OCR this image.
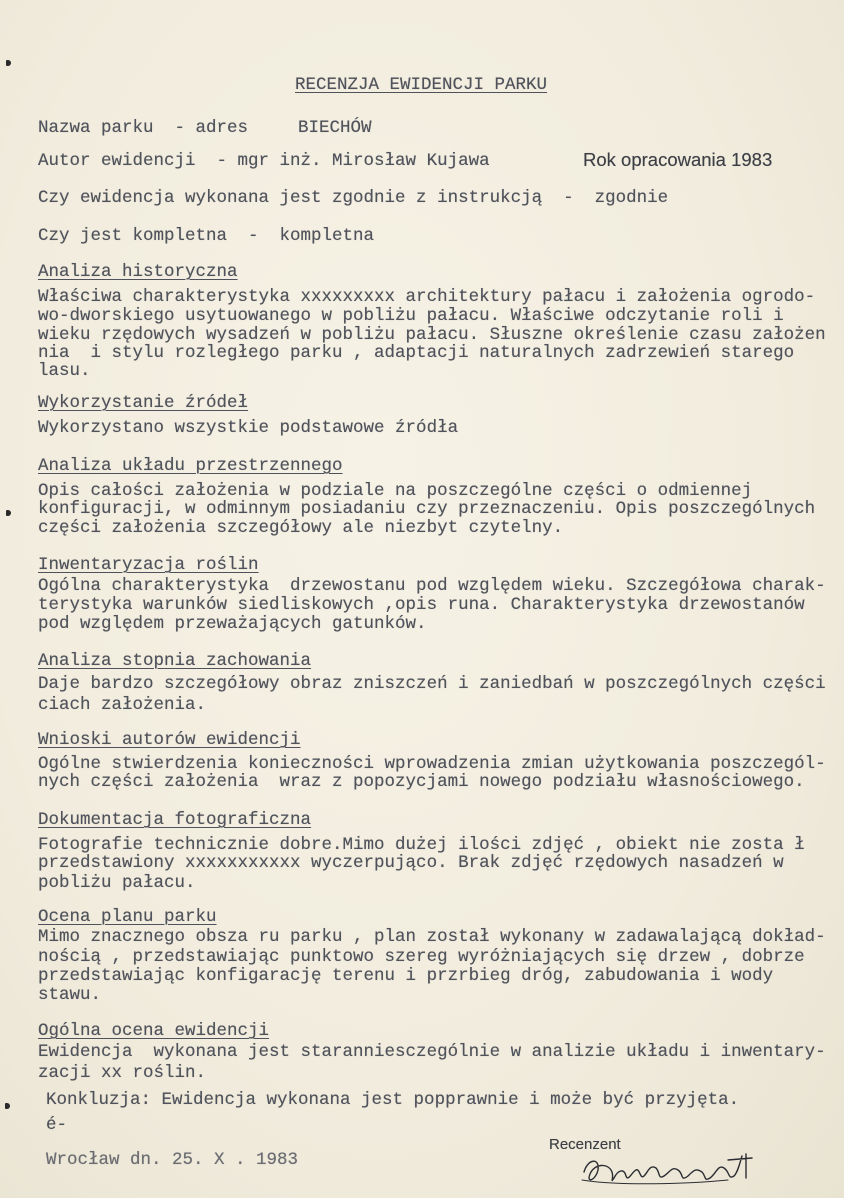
RECENZJA EWIDENCJI PARKU
Nazwa parku  - adres	BIECHÓW
Autor ewidencji  - mgr inż. Mirosław Kujawa	Rok opracowania 1983
Czy ewidencja wykonana jest zgodnie z instrukcją  -  zgodnie
Czy jest kompletna  -  kompletna
Analiza historyczna
Właściwa charakterystyka xxxxxxxxx architektury pałacu i założenia ogrodo-
wo-dworskiego usytuowanego w pobliżu pałacu. Właściwe odczytanie roli i
wieku rzędowych wysadzeń w pobliżu pałacu. Słuszne określenie czasu założen
nia  i stylu rozległego parku , adaptacji naturalnych zadrzewień starego
lasu.
Wykorzystanie źródeł
Wykorzystano wszystkie podstawowe źródła
Analiza układu przestrzennego
Opis całości założenia w podziale na poszczególne części o odmiennej
konfiguracji, w odminnym posiadaniu czy przeznaczeniu. Opis poszczególnych
części założenia szczegółowy ale niezbyt czytelny.
Inwentaryzacja roślin
Ogólna charakterystyka  drzewostanu pod względem wieku. Szczegółowa charak-
terystyka warunków siedliskowych ,opis runa. Charakterystyka drzewostanów
pod względem przeważających gatunków.
Analiza stopnia zachowania
Daje bardzo szczegółowy obraz zniszczeń i zaniedbań w poszczególnych części
ciach założenia.
Wnioski autorów ewidencji
Ogólne stwierdzenia konieczności wprowadzenia zmian użytkowania poszczegól-
nych części założenia  wraz z popozycjami nowego podziału własnościowego.
Dokumentacja fotograficzna
Fotografie technicznie dobre.Mimo dużej ilości zdjęć , obiekt nie zosta ł
przedstawiony xxxxxxxxxxx wyczerpująco. Brak zdjęć rzędowych nasadzeń w
pobliżu pałacu.
Ocena planu parku
Mimo znacznego obsza ru parku , plan został wykonany w zadawalającą dokład-
nością , przedstawiając punktowo szereg wyróżniających się drzew , dobrze
przedstawiając konfigarację terenu i przrbieg dróg, zabudowania i wody
stawu.
Ogólna ocena ewidencji
Ewidencja  wykonana jest staranniesczególnie w analizie układu i inwentary-
zacji xx roślin.
Konkluzja: Ewidencja wykonana jest popprawnie i może być przyjęta.
é-
Wrocław dn. 25. X . 1983
Recenzent
